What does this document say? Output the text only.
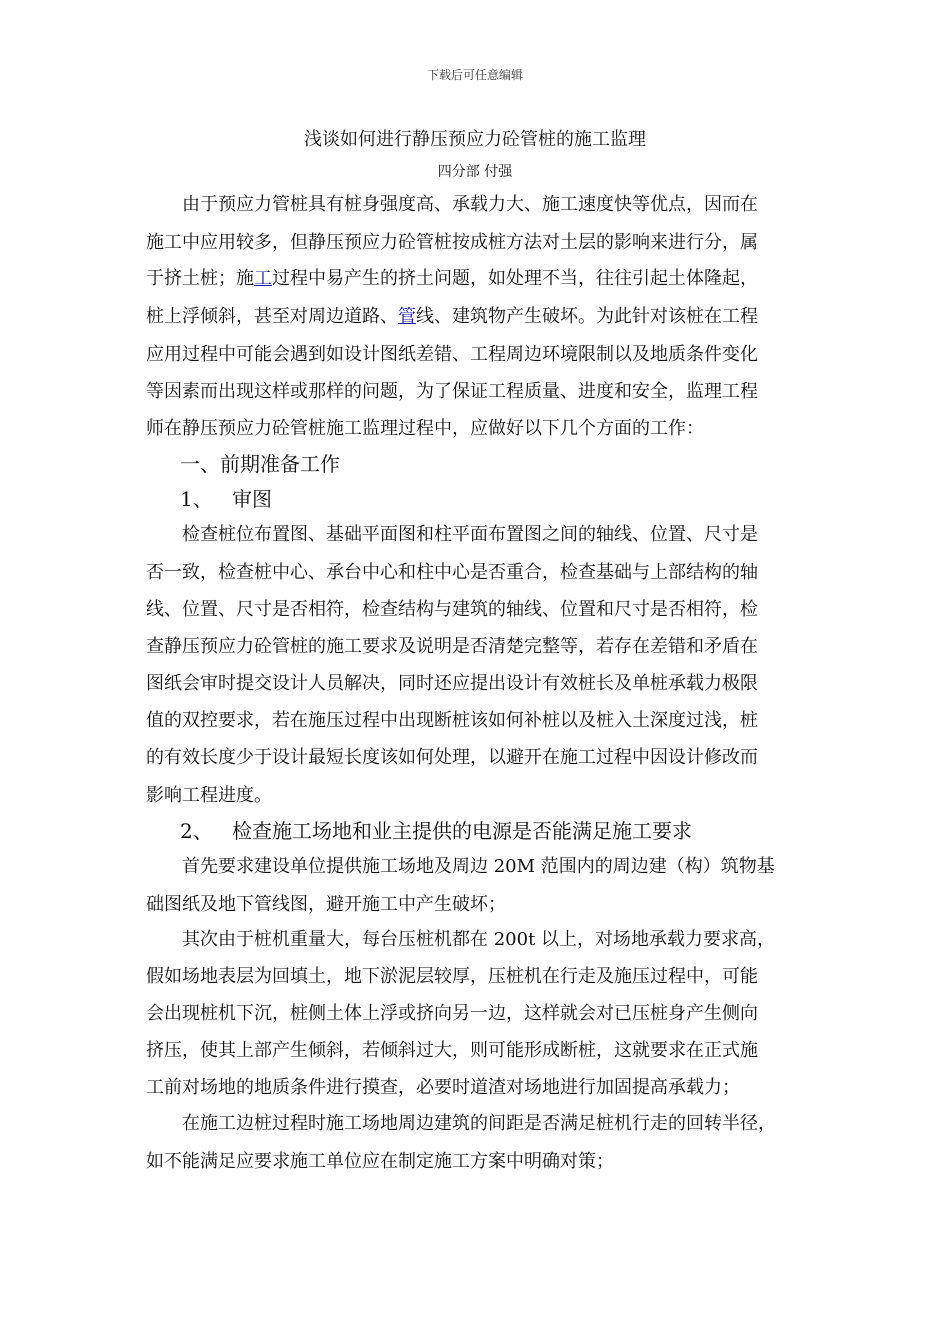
下载后可任意编辑
浅谈如何进行静压预应力砼管桩的施工监理
四分部 付强
由于预应力管桩具有桩身强度高、承载力大、施工速度快等优点，因而在
施工中应用较多，但静压预应力砼管桩按成桩方法对土层的影响来进行分，属
于挤土桩；施工过程中易产生的挤土问题，如处理不当，往往引起土体隆起，
桩上浮倾斜，甚至对周边道路、管线、建筑物产生破坏。为此针对该桩在工程
应用过程中可能会遇到如设计图纸差错、工程周边环境限制以及地质条件变化
等因素而出现这样或那样的问题，为了保证工程质量、进度和安全，监理工程
师在静压预应力砼管桩施工监理过程中，应做好以下几个方面的工作：
一、前期准备工作
1、 审图
检查桩位布置图、基础平面图和柱平面布置图之间的轴线、位置、尺寸是
否一致，检查桩中心、承台中心和柱中心是否重合，检查基础与上部结构的轴
线、位置、尺寸是否相符，检查结构与建筑的轴线、位置和尺寸是否相符，检
查静压预应力砼管桩的施工要求及说明是否清楚完整等，若存在差错和矛盾在
图纸会审时提交设计人员解决，同时还应提出设计有效桩长及单桩承载力极限
值的双控要求，若在施压过程中出现断桩该如何补桩以及桩入土深度过浅，桩
的有效长度少于设计最短长度该如何处理，以避开在施工过程中因设计修改而
影响工程进度。
2、 检查施工场地和业主提供的电源是否能满足施工要求
首先要求建设单位提供施工场地及周边 20M 范围内的周边建（构）筑物基
础图纸及地下管线图，避开施工中产生破坏；
其次由于桩机重量大，每台压桩机都在 200t 以上，对场地承载力要求高，
假如场地表层为回填土，地下淤泥层较厚，压桩机在行走及施压过程中，可能
会出现桩机下沉，桩侧土体上浮或挤向另一边，这样就会对已压桩身产生侧向
挤压，使其上部产生倾斜，若倾斜过大，则可能形成断桩，这就要求在正式施
工前对场地的地质条件进行摸查，必要时道渣对场地进行加固提高承载力；
在施工边桩过程时施工场地周边建筑的间距是否满足桩机行走的回转半径，
如不能满足应要求施工单位应在制定施工方案中明确对策；
